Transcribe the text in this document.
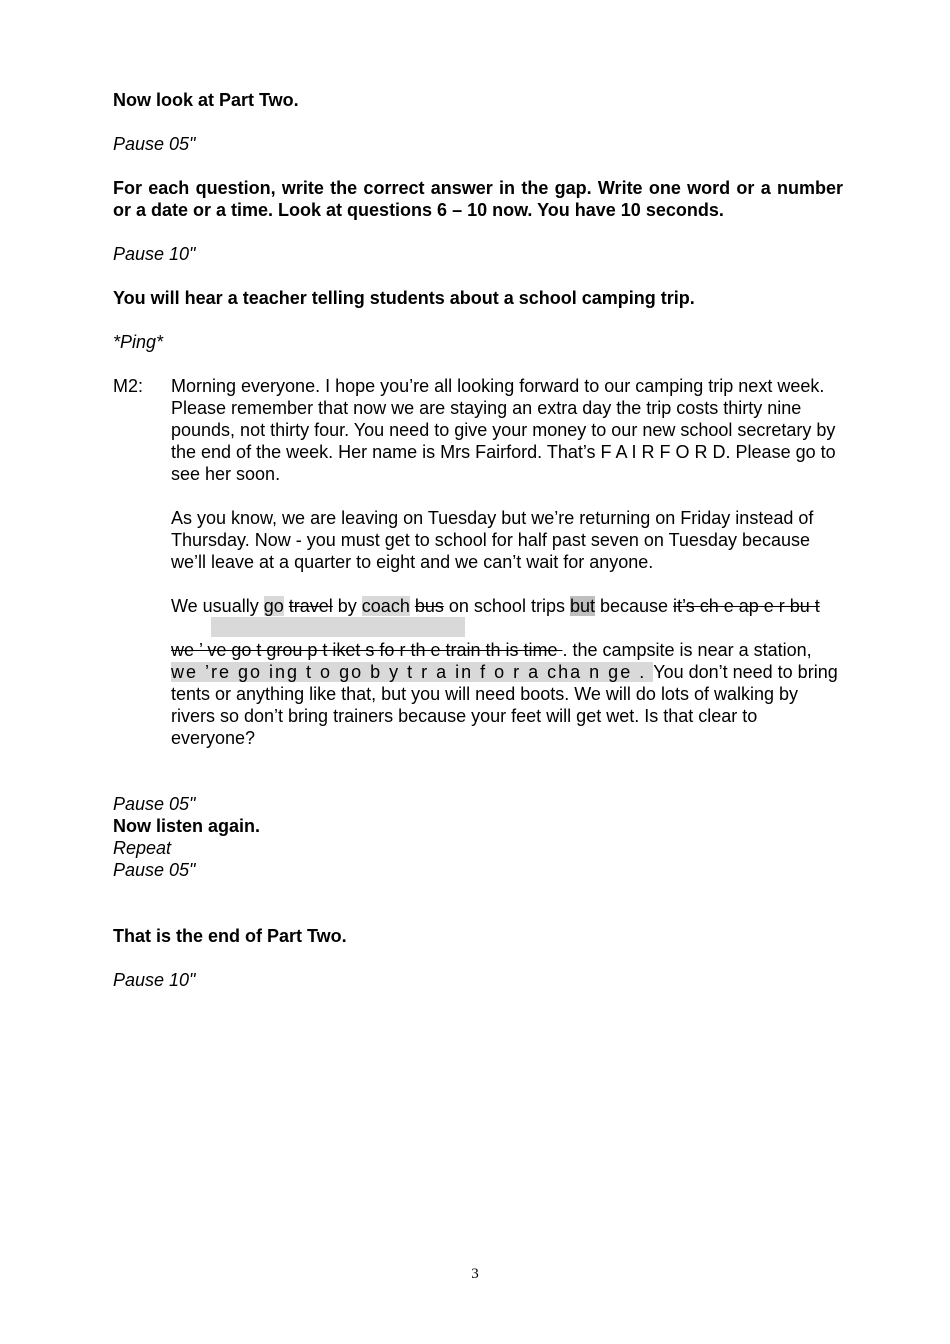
Now look at Part Two.

Pause 05"

For each question, write the correct answer in the gap. Write one word or a number or a date or a time. Look at questions 6 – 10 now. You have 10 seconds.

Pause 10"

You will hear a teacher telling students about a school camping trip.

*Ping*

M2:	Morning everyone. I hope you’re all looking forward to our camping trip next week. Please remember that now we are staying an extra day the trip costs thirty nine pounds, not thirty four. You need to give your money to our new school secretary by the end of the week. Her name is Mrs Fairford. That’s F A I R F O R D. Please go to see her soon.

As you know, we are leaving on Tuesday but we’re returning on Friday instead of Thursday. Now - you must get to school for half past seven on Tuesday because we’ll leave at a quarter to eight and we can’t wait for anyone.

We usually go travel by coach bus on school trips but because it’s ch e ap e r bu t
we ’ ve go t grou p t iket s fo r th e train th is time . the campsite is near a station,
we ’re go ing t o go b y t r a in f o r a cha n ge . You don’t need to bring tents or anything like that, but you will need boots. We will do lots of walking by rivers so don’t bring trainers because your feet will get wet. Is that clear to everyone?

Pause 05"

Now listen again.

Repeat

Pause 05"

That is the end of Part Two.

Pause 10"

3
